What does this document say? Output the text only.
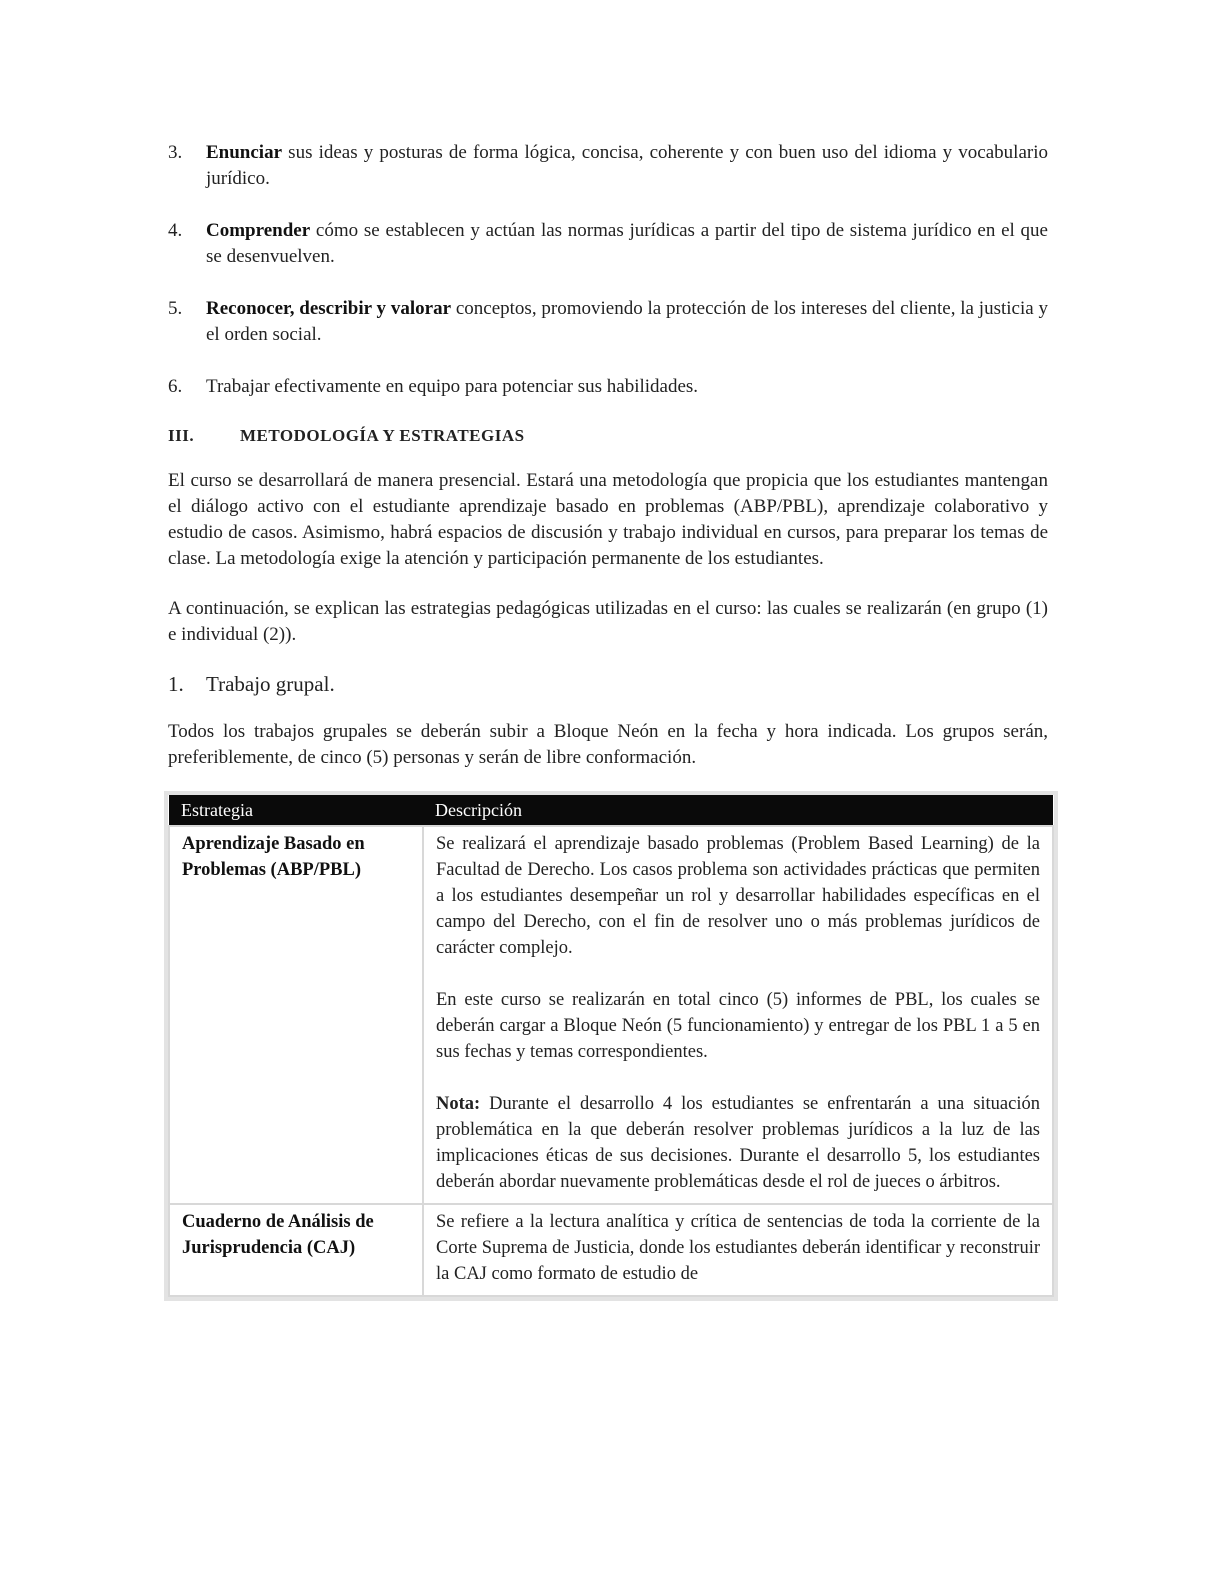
3.	Enunciar sus ideas y posturas de forma lógica, concisa, coherente y con buen uso del idioma y vocabulario jurídico.
4.	Comprender cómo se establecen y actúan las normas jurídicas a partir del tipo de sistema jurídico en el que se desenvuelven.
5.	Reconocer, describir y valorar conceptos, promoviendo la protección de los intereses del cliente, la justicia y el orden social.
6.	Trabajar efectivamente en equipo para potenciar sus habilidades.
III.	METODOLOGÍA Y ESTRATEGIAS

El curso se desarrollará de manera presencial. Estará una metodología que propicia que los estudiantes mantengan el diálogo activo con el estudiante aprendizaje basado en problemas (ABP/PBL), aprendizaje colaborativo y estudio de casos. Asimismo, habrá espacios de discusión y trabajo individual en cursos, para preparar los temas de clase. La metodología exige la atención y participación permanente de los estudiantes.

A continuación, se explican las estrategias pedagógicas utilizadas en el curso: las cuales se realizarán (en grupo (1) e individual (2)).

1.	Trabajo grupal.

Todos los trabajos grupales se deberán subir a Bloque Neón en la fecha y hora indicada. Los grupos serán, preferiblemente, de cinco (5) personas y serán de libre conformación.

Estrategia	Descripción
Aprendizaje Basado en Problemas (ABP/PBL)	Se realizará el aprendizaje basado problemas (Problem Based Learning) de la Facultad de Derecho. Los casos problema son actividades prácticas que permiten a los estudiantes desempeñar un rol y desarrollar habilidades específicas en el campo del Derecho, con el fin de resolver uno o más problemas jurídicos de carácter complejo.

En este curso se realizarán en total cinco (5) informes de PBL, los cuales se deberán cargar a Bloque Neón (5 funcionamiento) y entregar de los PBL 1 a 5 en sus fechas y temas correspondientes.

Nota: Durante el desarrollo 4 los estudiantes se enfrentarán a una situación problemática en la que deberán resolver problemas jurídicos a la luz de las implicaciones éticas de sus decisiones. Durante el desarrollo 5, los estudiantes deberán abordar nuevamente problemáticas desde el rol de jueces o árbitros.

Cuaderno de Análisis de Jurisprudencia (CAJ)	Se refiere a la lectura analítica y crítica de sentencias de toda la corriente de la Corte Suprema de Justicia, donde los estudiantes deberán identificar y reconstruir la CAJ como formato de estudio de
